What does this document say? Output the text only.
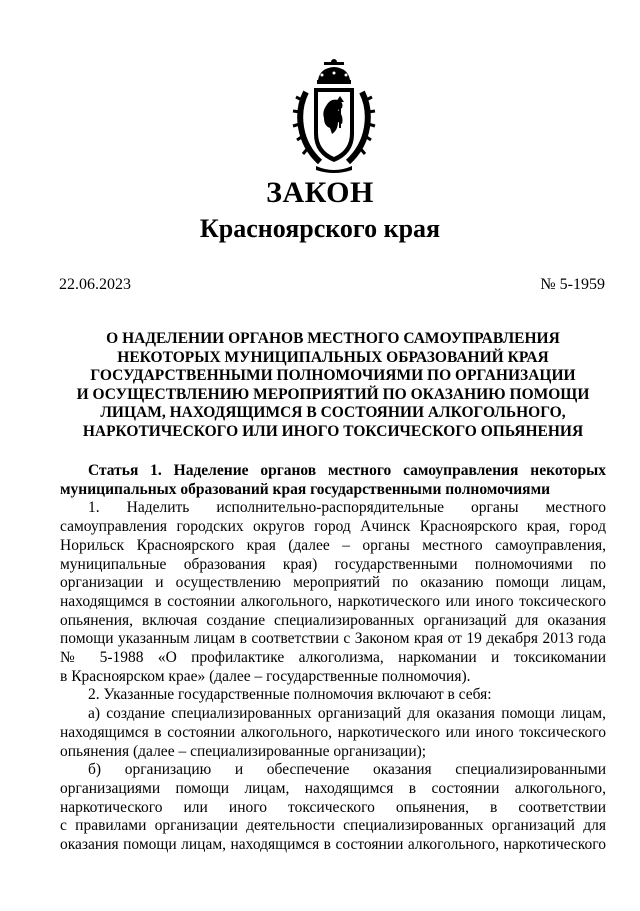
ЗАКОН
Красноярского края
22.06.2023	№ 5-1959
О НАДЕЛЕНИИ ОРГАНОВ МЕСТНОГО САМОУПРАВЛЕНИЯ
НЕКОТОРЫХ МУНИЦИПАЛЬНЫХ ОБРАЗОВАНИЙ КРАЯ
ГОСУДАРСТВЕННЫМИ ПОЛНОМОЧИЯМИ ПО ОРГАНИЗАЦИИ
И ОСУЩЕСТВЛЕНИЮ МЕРОПРИЯТИЙ ПО ОКАЗАНИЮ ПОМОЩИ
ЛИЦАМ, НАХОДЯЩИМСЯ В СОСТОЯНИИ АЛКОГОЛЬНОГО,
НАРКОТИЧЕСКОГО ИЛИ ИНОГО ТОКСИЧЕСКОГО ОПЬЯНЕНИЯ
Статья 1. Наделение органов местного самоуправления некоторых
муниципальных образований края государственными полномочиями
1. Наделить исполнительно-распорядительные органы местного
самоуправления городских округов город Ачинск Красноярского края, город
Норильск Красноярского края (далее – органы местного самоуправления,
муниципальные образования края) государственными полномочиями по
организации и осуществлению мероприятий по оказанию помощи лицам,
находящимся в состоянии алкогольного, наркотического или иного токсического
опьянения, включая создание специализированных организаций для оказания
помощи указанным лицам в соответствии с Законом края от 19 декабря 2013 года
№ 5-1988 «О профилактике алкоголизма, наркомании и токсикомании
в Красноярском крае» (далее – государственные полномочия).
2. Указанные государственные полномочия включают в себя:
а) создание специализированных организаций для оказания помощи лицам,
находящимся в состоянии алкогольного, наркотического или иного токсического
опьянения (далее – специализированные организации);
б) организацию и обеспечение оказания специализированными
организациями помощи лицам, находящимся в состоянии алкогольного,
наркотического или иного токсического опьянения, в соответствии
с правилами организации деятельности специализированных организаций для
оказания помощи лицам, находящимся в состоянии алкогольного, наркотического
